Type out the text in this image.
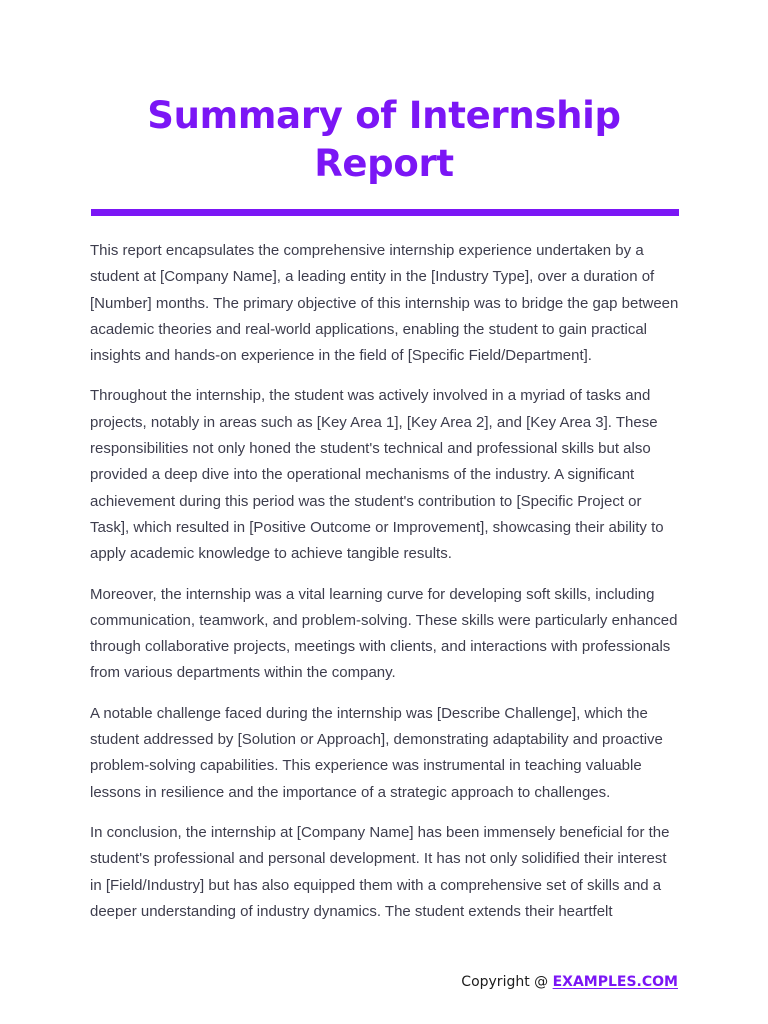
Summary of Internship Report

This report encapsulates the comprehensive internship experience undertaken by a student at [Company Name], a leading entity in the [Industry Type], over a duration of [Number] months. The primary objective of this internship was to bridge the gap between academic theories and real-world applications, enabling the student to gain practical insights and hands-on experience in the field of [Specific Field/Department].

Throughout the internship, the student was actively involved in a myriad of tasks and projects, notably in areas such as [Key Area 1], [Key Area 2], and [Key Area 3]. These responsibilities not only honed the student's technical and professional skills but also provided a deep dive into the operational mechanisms of the industry. A significant achievement during this period was the student's contribution to [Specific Project or Task], which resulted in [Positive Outcome or Improvement], showcasing their ability to apply academic knowledge to achieve tangible results.

Moreover, the internship was a vital learning curve for developing soft skills, including communication, teamwork, and problem-solving. These skills were particularly enhanced through collaborative projects, meetings with clients, and interactions with professionals from various departments within the company.

A notable challenge faced during the internship was [Describe Challenge], which the student addressed by [Solution or Approach], demonstrating adaptability and proactive problem-solving capabilities. This experience was instrumental in teaching valuable lessons in resilience and the importance of a strategic approach to challenges.

In conclusion, the internship at [Company Name] has been immensely beneficial for the student's professional and personal development. It has not only solidified their interest in [Field/Industry] but has also equipped them with a comprehensive set of skills and a deeper understanding of industry dynamics. The student extends their heartfelt

Copyright @ EXAMPLES.COM
